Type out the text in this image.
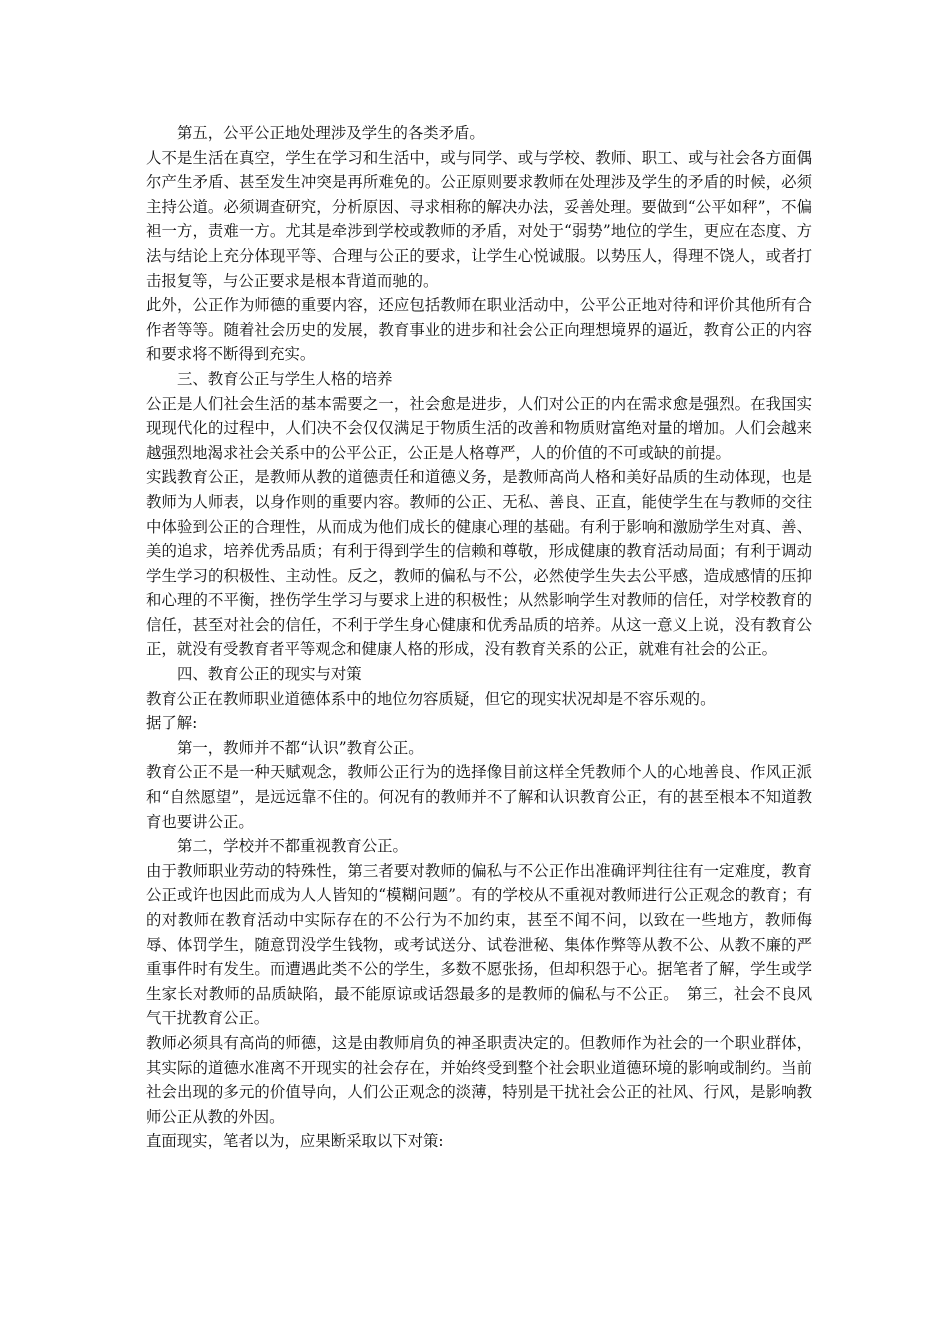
第五，公平公正地处理涉及学生的各类矛盾。

人不是生活在真空，学生在学习和生活中，或与同学、或与学校、教师、职工、或与社会各方面偶尔产生矛盾、甚至发生冲突是再所难免的。公正原则要求教师在处理涉及学生的矛盾的时候，必须主持公道。必须调查研究，分析原因、寻求相称的解决办法，妥善处理。要做到“公平如秤”，不偏袒一方，责难一方。尤其是牵涉到学校或教师的矛盾，对处于“弱势”地位的学生，更应在态度、方法与结论上充分体现平等、合理与公正的要求，让学生心悦诚服。以势压人，得理不饶人，或者打击报复等，与公正要求是根本背道而驰的。

此外，公正作为师德的重要内容，还应包括教师在职业活动中，公平公正地对待和评价其他所有合作者等等。随着社会历史的发展，教育事业的进步和社会公正向理想境界的逼近，教育公正的内容和要求将不断得到充实。

三、教育公正与学生人格的培养

公正是人们社会生活的基本需要之一，社会愈是进步，人们对公正的内在需求愈是强烈。在我国实现现代化的过程中，人们决不会仅仅满足于物质生活的改善和物质财富绝对量的增加。人们会越来越强烈地渴求社会关系中的公平公正，公正是人格尊严，人的价值的不可或缺的前提。

实践教育公正，是教师从教的道德责任和道德义务，是教师高尚人格和美好品质的生动体现，也是教师为人师表，以身作则的重要内容。教师的公正、无私、善良、正直，能使学生在与教师的交往中体验到公正的合理性，从而成为他们成长的健康心理的基础。有利于影响和激励学生对真、善、美的追求，培养优秀品质；有利于得到学生的信赖和尊敬，形成健康的教育活动局面；有利于调动学生学习的积极性、主动性。反之，教师的偏私与不公，必然使学生失去公平感，造成感情的压抑和心理的不平衡，挫伤学生学习与要求上进的积极性；从然影响学生对教师的信任，对学校教育的信任，甚至对社会的信任，不利于学生身心健康和优秀品质的培养。从这一意义上说，没有教育公正，就没有受教育者平等观念和健康人格的形成，没有教育关系的公正，就难有社会的公正。

四、教育公正的现实与对策

教育公正在教师职业道德体系中的地位勿容质疑，但它的现实状况却是不容乐观的。

据了解:

第一，教师并不都“认识”教育公正。

教育公正不是一种天赋观念，教师公正行为的选择像目前这样全凭教师个人的心地善良、作风正派和“自然愿望”，是远远靠不住的。何况有的教师并不了解和认识教育公正，有的甚至根本不知道教育也要讲公正。

第二，学校并不都重视教育公正。

由于教师职业劳动的特殊性，第三者要对教师的偏私与不公正作出准确评判往往有一定难度，教育公正或许也因此而成为人人皆知的“模糊问题”。有的学校从不重视对教师进行公正观念的教育；有的对教师在教育活动中实际存在的不公行为不加约束，甚至不闻不问，以致在一些地方，教师侮辱、体罚学生，随意罚没学生钱物，或考试送分、试卷泄秘、集体作弊等从教不公、从教不廉的严重事件时有发生。而遭遇此类不公的学生，多数不愿张扬，但却积怨于心。据笔者了解，学生或学生家长对教师的品质缺陷，最不能原谅或话怨最多的是教师的偏私与不公正。　第三，社会不良风气干扰教育公正。

教师必须具有高尚的师德，这是由教师肩负的神圣职责决定的。但教师作为社会的一个职业群体，其实际的道德水准离不开现实的社会存在，并始终受到整个社会职业道德环境的影响或制约。当前社会出现的多元的价值导向，人们公正观念的淡薄，特别是干扰社会公正的社风、行风，是影响教师公正从教的外因。

直面现实，笔者以为，应果断采取以下对策:
